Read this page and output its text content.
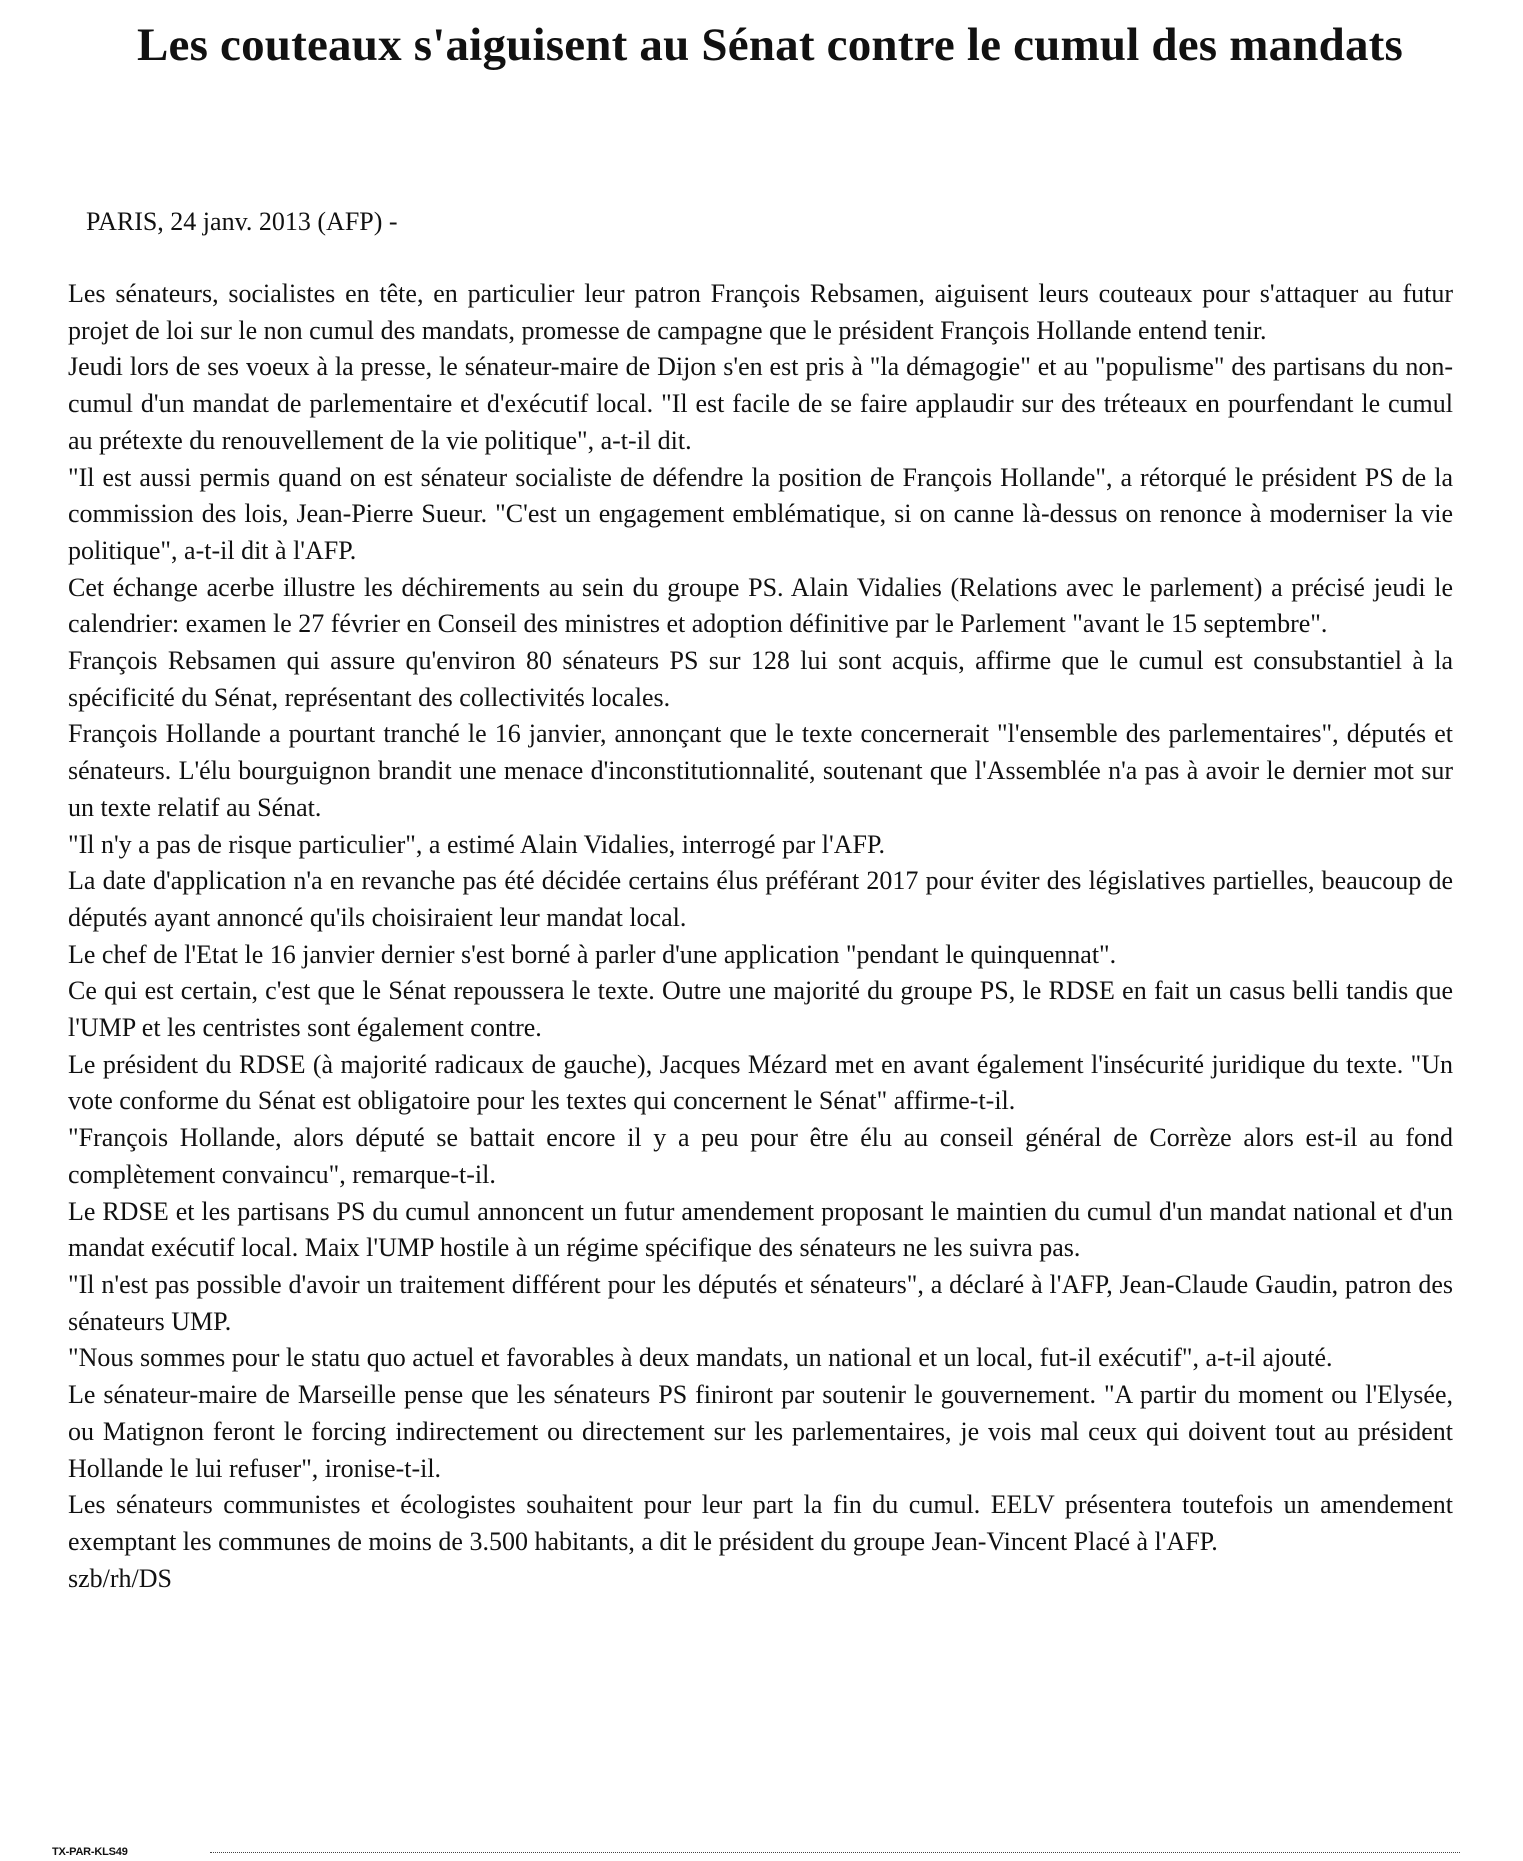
Les couteaux s'aiguisent au Sénat contre le cumul des mandats

PARIS, 24 janv. 2013 (AFP) -

Les sénateurs, socialistes en tête, en particulier leur patron François Rebsamen, aiguisent leurs couteaux pour s'attaquer au futur projet de loi sur le non cumul des mandats, promesse de campagne que le président François Hollande entend tenir.

Jeudi lors de ses voeux à la presse, le sénateur-maire de Dijon s'en est pris à "la démagogie" et au "populisme" des partisans du non-cumul d'un mandat de parlementaire et d'exécutif local. "Il est facile de se faire applaudir sur des tréteaux en pourfendant le cumul au prétexte du renouvellement de la vie politique", a-t-il dit.

"Il est aussi permis quand on est sénateur socialiste de défendre la position de François Hollande", a rétorqué le président PS de la commission des lois, Jean-Pierre Sueur. "C'est un engagement emblématique, si on canne là-dessus on renonce à moderniser la vie politique", a-t-il dit à l'AFP.

Cet échange acerbe illustre les déchirements au sein du groupe PS. Alain Vidalies (Relations avec le parlement) a précisé jeudi le calendrier: examen le 27 février en Conseil des ministres et adoption définitive par le Parlement "avant le 15 septembre".

François Rebsamen qui assure qu'environ 80 sénateurs PS sur 128 lui sont acquis, affirme que le cumul est consubstantiel à la spécificité du Sénat, représentant des collectivités locales.

François Hollande a pourtant tranché le 16 janvier, annonçant que le texte concernerait "l'ensemble des parlementaires", députés et sénateurs. L'élu bourguignon brandit une menace d'inconstitutionnalité, soutenant que l'Assemblée n'a pas à avoir le dernier mot sur un texte relatif au Sénat.

"Il n'y a pas de risque particulier", a estimé Alain Vidalies, interrogé par l'AFP.

La date d'application n'a en revanche pas été décidée certains élus préférant 2017 pour éviter des législatives partielles, beaucoup de députés ayant annoncé qu'ils choisiraient leur mandat local.

Le chef de l'Etat le 16 janvier dernier s'est borné à parler d'une application "pendant le quinquennat".

Ce qui est certain, c'est que le Sénat repoussera le texte. Outre une majorité du groupe PS, le RDSE en fait un casus belli tandis que l'UMP et les centristes sont également contre.

Le président du RDSE (à majorité radicaux de gauche), Jacques Mézard met en avant également l'insécurité juridique du texte. "Un vote conforme du Sénat est obligatoire pour les textes qui concernent le Sénat" affirme-t-il.

"François Hollande, alors député se battait encore il y a peu pour être élu au conseil général de Corrèze alors est-il au fond complètement convaincu", remarque-t-il.

Le RDSE et les partisans PS du cumul annoncent un futur amendement proposant le maintien du cumul d'un mandat national et d'un mandat exécutif local. Maix l'UMP hostile à un régime spécifique des sénateurs ne les suivra pas.

"Il n'est pas possible d'avoir un traitement différent pour les députés et sénateurs", a déclaré à l'AFP, Jean-Claude Gaudin, patron des sénateurs UMP.

"Nous sommes pour le statu quo actuel et favorables à deux mandats, un national et un local, fut-il exécutif", a-t-il ajouté.

Le sénateur-maire de Marseille pense que les sénateurs PS finiront par soutenir le gouvernement. "A partir du moment ou l'Elysée, ou Matignon feront le forcing indirectement ou directement sur les parlementaires, je vois mal ceux qui doivent tout au président Hollande le lui refuser", ironise-t-il.

Les sénateurs communistes et écologistes souhaitent pour leur part la fin du cumul. EELV présentera toutefois un amendement exemptant les communes de moins de 3.500 habitants, a dit le président du groupe Jean-Vincent Placé à l'AFP.

szb/rh/DS

TX-PAR-KLS49
